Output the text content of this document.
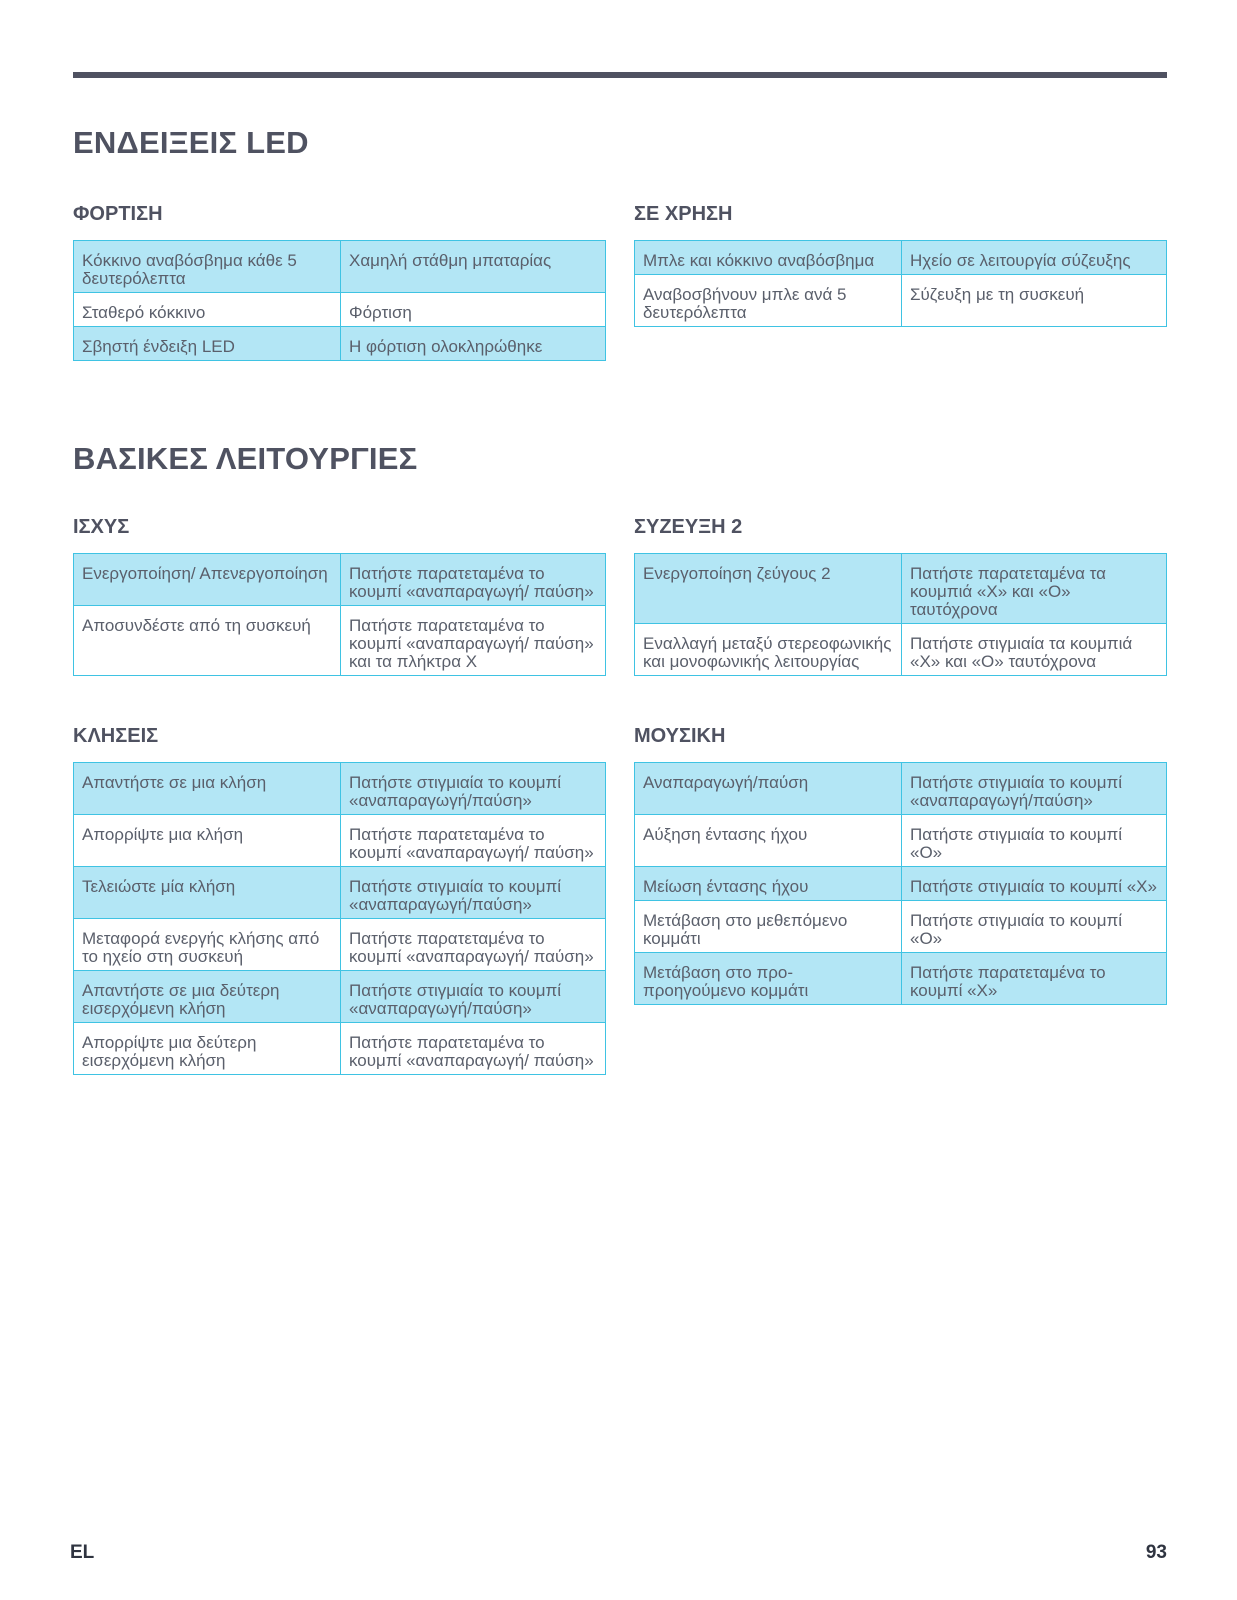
ΕΝΔΕΙΞΕΙΣ LED
ΦΟΡΤΙΣΗ
Κόκκινο αναβόσβημα κάθε 5 δευτερόλεπτα	Χαμηλή στάθμη μπαταρίας
Σταθερό κόκκινο	Φόρτιση
Σβηστή ένδειξη LED	Η φόρτιση ολοκληρώθηκε
ΣΕ ΧΡΗΣΗ
Μπλε και κόκκινο αναβόσβημα	Ηχείο σε λειτουργία σύζευξης
Αναβοσβήνουν μπλε ανά 5 δευτερόλεπτα	Σύζευξη με τη συσκευή
ΒΑΣΙΚΕΣ ΛΕΙΤΟΥΡΓΙΕΣ
ΙΣΧΥΣ
Ενεργοποίηση/ Απενεργοποίηση	Πατήστε παρατεταμένα το κουμπί «αναπαραγωγή/ παύση»
Αποσυνδέστε από τη συσκευή	Πατήστε παρατεταμένα το κουμπί «αναπαραγωγή/ παύση» και τα πλήκτρα X
ΣΥΖΕΥΞΗ 2
Ενεργοποίηση ζεύγους 2	Πατήστε παρατεταμένα τα κουμπιά «X» και «O» ταυτόχρονα
Εναλλαγή μεταξύ στερεοφωνικής και μονοφωνικής λειτουργίας	Πατήστε στιγμιαία τα κουμπιά «X» και «O» ταυτόχρονα
ΚΛΗΣΕΙΣ
Απαντήστε σε μια κλήση	Πατήστε στιγμιαία το κουμπί «αναπαραγωγή/παύση»
Απορρίψτε μια κλήση	Πατήστε παρατεταμένα το κουμπί «αναπαραγωγή/ παύση»
Τελειώστε μία κλήση	Πατήστε στιγμιαία το κουμπί «αναπαραγωγή/παύση»
Μεταφορά ενεργής κλήσης από το ηχείο στη συσκευή	Πατήστε παρατεταμένα το κουμπί «αναπαραγωγή/ παύση»
Απαντήστε σε μια δεύτερη εισερχόμενη κλήση	Πατήστε στιγμιαία το κουμπί «αναπαραγωγή/παύση»
Απορρίψτε μια δεύτερη εισερχόμενη κλήση	Πατήστε παρατεταμένα το κουμπί «αναπαραγωγή/ παύση»
ΜΟΥΣΙΚΗ
Αναπαραγωγή/παύση	Πατήστε στιγμιαία το κουμπί «αναπαραγωγή/παύση»
Αύξηση έντασης ήχου	Πατήστε στιγμιαία το κουμπί «O»
Μείωση έντασης ήχου	Πατήστε στιγμιαία το κουμπί «X»
Μετάβαση στο μεθεπόμενο κομμάτι	Πατήστε στιγμιαία το κουμπί «O»
Μετάβαση στο προ-προηγούμενο κομμάτι	Πατήστε παρατεταμένα το κουμπί «X»
EL	93
